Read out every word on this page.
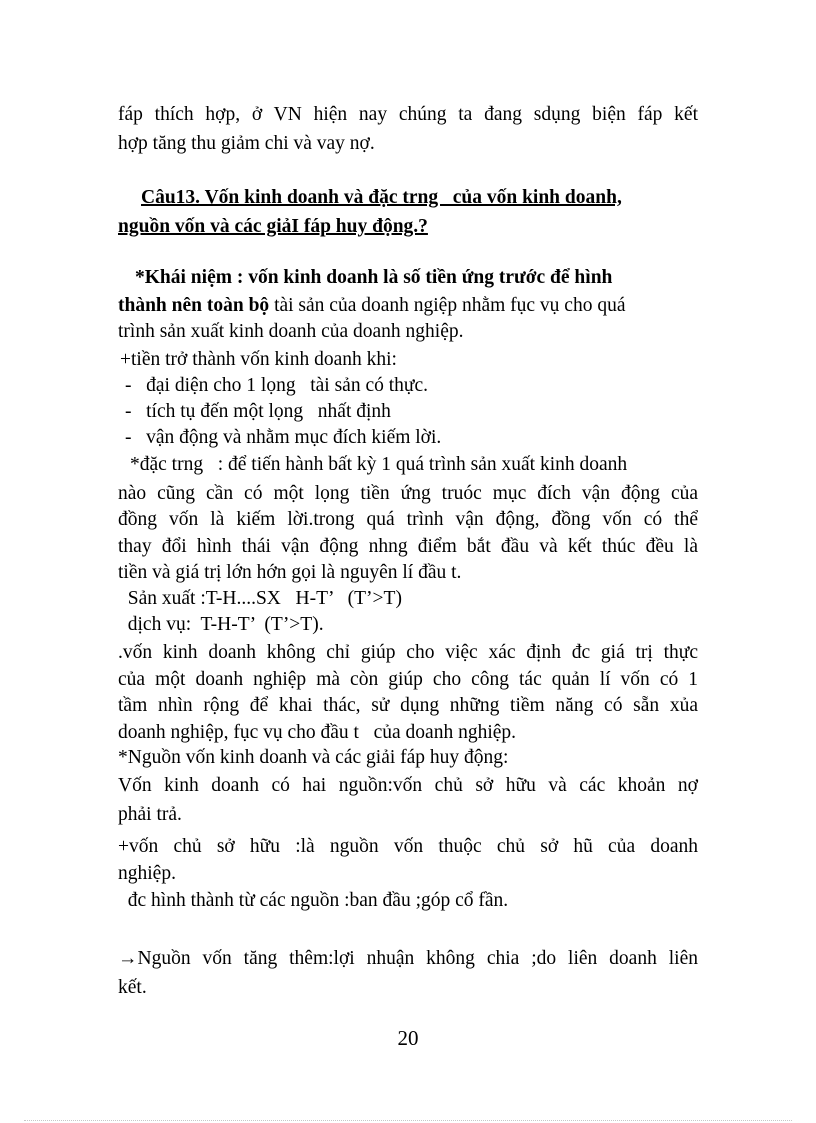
fáp thích hợp, ở VN hiện nay chúng ta đang sdụng biện fáp kết
hợp tăng thu giảm chi và vay nợ.
Câu13. Vốn kinh doanh và đặc trng   của vốn kinh doanh,
nguồn vốn và các giảI fáp huy động.?
*Khái niệm : vốn kinh doanh là số tiền ứng trước để hình
thành nên toàn bộ tài sản của doanh ngiệp nhằm fục vụ cho quá
trình sản xuất kinh doanh của doanh nghiệp.
+tiền trở thành vốn kinh doanh khi:
-   đại diện cho 1 lọng   tài sản có thực.
-   tích tụ đến một lọng   nhất định
-   vận động và nhằm mục đích kiếm lời.
*đặc trng   : để tiến hành bất kỳ 1 quá trình sản xuất kinh doanh
nào cũng cần có một lọng tiền ứng truóc mục đích vận động của
đồng vốn là kiếm lời.trong quá trình vận động, đồng vốn có thể
thay đổi hình thái vận động nhng điểm bắt đầu và kết thúc đều là
tiền và giá trị lớn hớn gọi là nguyên lí đầu t.
Sản xuất :T-H....SX   H-T’   (T’>T)
dịch vụ:  T-H-T’  (T’>T).
.vốn kinh doanh không chỉ giúp cho việc xác định đc giá trị thực
của một doanh nghiệp mà còn giúp cho công tác quản lí vốn có 1
tầm nhìn rộng để khai thác, sử dụng những tiềm năng có sẵn xủa
doanh nghiệp, fục vụ cho đầu t   của doanh nghiệp.
*Nguồn vốn kinh doanh và các giải fáp huy động:
Vốn kinh doanh có hai nguồn:vốn chủ sở hữu và các khoản nợ
phải trả.
+vốn chủ sở hữu :là nguồn vốn thuộc chủ sở hũ của doanh
nghiệp.
đc hình thành từ các nguồn :ban đầu ;góp cổ fần.
→Nguồn vốn tăng thêm:lợi nhuận không chia ;do liên doanh liên
kết.
20
